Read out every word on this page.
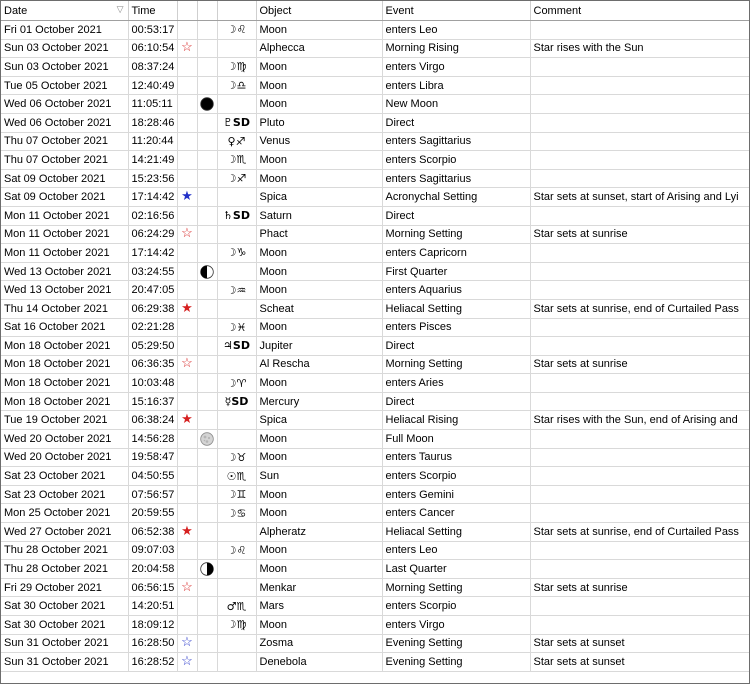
Date ▽	Time				Object	Event	Comment
Fri 01 October 2021	00:53:17			☽♌	Moon	enters Leo	
Sun 03 October 2021	06:10:54	☆			Alphecca	Morning Rising	Star rises with the Sun
Sun 03 October 2021	08:37:24			☽♍	Moon	enters Virgo	
Tue 05 October 2021	12:40:49			☽♎	Moon	enters Libra	
Wed 06 October 2021	11:05:11				Moon	New Moon	
Wed 06 October 2021	18:28:46			♇SD	Pluto	Direct	
Thu 07 October 2021	11:20:44			♀♐	Venus	enters Sagittarius	
Thu 07 October 2021	14:21:49			☽♏	Moon	enters Scorpio	
Sat 09 October 2021	15:23:56			☽♐	Moon	enters Sagittarius	
Sat 09 October 2021	17:14:42	★			Spica	Acronychal Setting	Star sets at sunset, start of Arising and Lyi
Mon 11 October 2021	02:16:56			♄SD	Saturn	Direct	
Mon 11 October 2021	06:24:29	☆			Phact	Morning Setting	Star sets at sunrise
Mon 11 October 2021	17:14:42			☽♑	Moon	enters Capricorn	
Wed 13 October 2021	03:24:55				Moon	First Quarter	
Wed 13 October 2021	20:47:05			☽♒	Moon	enters Aquarius	
Thu 14 October 2021	06:29:38	★			Scheat	Heliacal Setting	Star sets at sunrise, end of Curtailed Pass
Sat 16 October 2021	02:21:28			☽♓	Moon	enters Pisces	
Mon 18 October 2021	05:29:50			♃SD	Jupiter	Direct	
Mon 18 October 2021	06:36:35	☆			Al Rescha	Morning Setting	Star sets at sunrise
Mon 18 October 2021	10:03:48			☽♈	Moon	enters Aries	
Mon 18 October 2021	15:16:37			☿SD	Mercury	Direct	
Tue 19 October 2021	06:38:24	★			Spica	Heliacal Rising	Star rises with the Sun, end of Arising and
Wed 20 October 2021	14:56:28				Moon	Full Moon	
Wed 20 October 2021	19:58:47			☽♉	Moon	enters Taurus	
Sat 23 October 2021	04:50:55			☉♏	Sun	enters Scorpio	
Sat 23 October 2021	07:56:57			☽♊	Moon	enters Gemini	
Mon 25 October 2021	20:59:55			☽♋	Moon	enters Cancer	
Wed 27 October 2021	06:52:38	★			Alpheratz	Heliacal Setting	Star sets at sunrise, end of Curtailed Pass
Thu 28 October 2021	09:07:03			☽♌	Moon	enters Leo	
Thu 28 October 2021	20:04:58				Moon	Last Quarter	
Fri 29 October 2021	06:56:15	☆			Menkar	Morning Setting	Star sets at sunrise
Sat 30 October 2021	14:20:51			♂♏	Mars	enters Scorpio	
Sat 30 October 2021	18:09:12			☽♍	Moon	enters Virgo	
Sun 31 October 2021	16:28:50	☆			Zosma	Evening Setting	Star sets at sunset
Sun 31 October 2021	16:28:52	☆			Denebola	Evening Setting	Star sets at sunset
